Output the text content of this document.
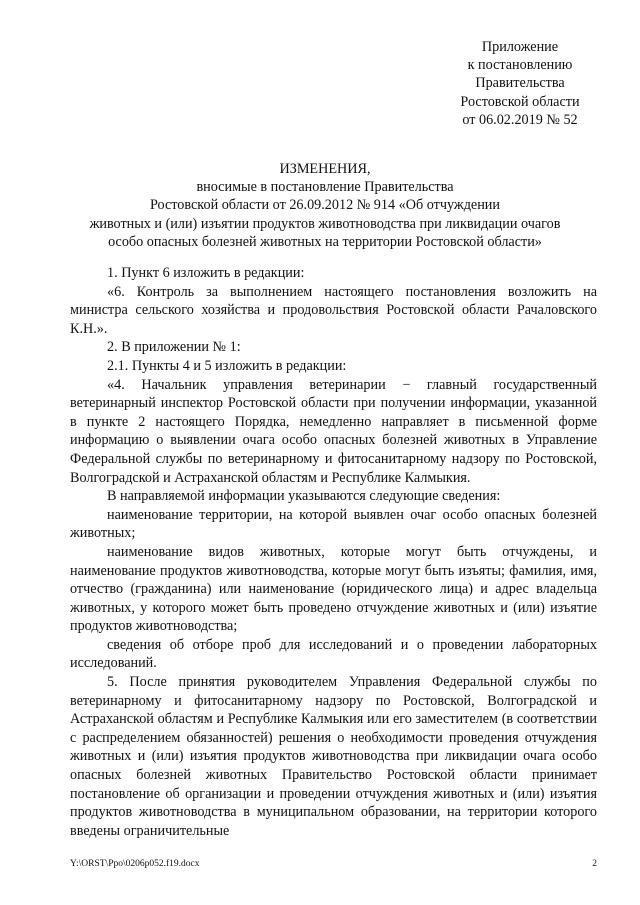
Приложение
к постановлению
Правительства
Ростовской области
от 06.02.2019 № 52
ИЗМЕНЕНИЯ,
вносимые в постановление Правительства
Ростовской области от 26.09.2012 № 914 «Об отчуждении
животных и (или) изъятии продуктов животноводства при ликвидации очагов
особо опасных болезней животных на территории Ростовской области»

1. Пункт 6 изложить в редакции:

«6. Контроль за выполнением настоящего постановления возложить на министра сельского хозяйства и продовольствия Ростовской области Рачаловского К.Н.».

2. В приложении № 1:

2.1. Пункты 4 и 5 изложить в редакции:

«4. Начальник управления ветеринарии − главный государственный ветеринарный инспектор Ростовской области при получении информации, указанной в пункте 2 настоящего Порядка, немедленно направляет в письменной форме информацию о выявлении очага особо опасных болезней животных в Управление Федеральной службы по ветеринарному и фитосанитарному надзору по Ростовской, Волгоградской и Астраханской областям и Республике Калмыкия.

В направляемой информации указываются следующие сведения:

наименование территории, на которой выявлен очаг особо опасных болезней животных;

наименование видов животных, которые могут быть отчуждены, и наименование продуктов животноводства, которые могут быть изъяты; фамилия, имя, отчество (гражданина) или наименование (юридического лица) и адрес владельца животных, у которого может быть проведено отчуждение животных и (или) изъятие продуктов животноводства;

сведения об отборе проб для исследований и о проведении лабораторных исследований.

5. После принятия руководителем Управления Федеральной службы по ветеринарному и фитосанитарному надзору по Ростовской, Волгоградской и Астраханской областям и Республике Калмыкия или его заместителем (в соответствии с распределением обязанностей) решения о необходимости проведения отчуждения животных и (или) изъятия продуктов животноводства при ликвидации очага особо опасных болезней животных Правительство Ростовской области принимает постановление об организации и проведении отчуждения животных и (или) изъятия продуктов животноводства в муниципальном образовании, на территории которого введены ограничительные

Y:\ORST\Ppo\0206p052.f19.docx	2
